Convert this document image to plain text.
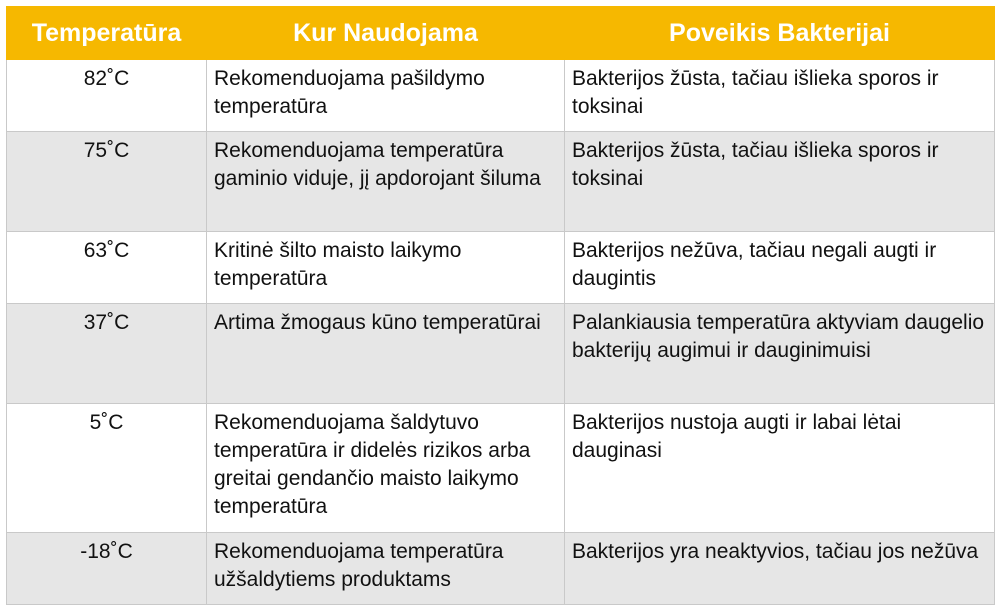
Temperatūra	Kur Naudojama	Poveikis Bakterijai
82˚C	Rekomenduojama pašildymo temperatūra	Bakterijos žūsta, tačiau išlieka sporos ir toksinai
75˚C	Rekomenduojama temperatūra gaminio viduje, jį apdorojant šiluma	Bakterijos žūsta, tačiau išlieka sporos ir toksinai
63˚C	Kritinė šilto maisto laikymo temperatūra	Bakterijos nežūva, tačiau negali augti ir daugintis
37˚C	Artima žmogaus kūno temperatūrai	Palankiausia temperatūra aktyviam daugelio bakterijų augimui ir dauginimuisi
5˚C	Rekomenduojama šaldytuvo temperatūra ir didelės rizikos arba greitai gendančio maisto laikymo temperatūra	Bakterijos nustoja augti ir labai lėtai dauginasi
-18˚C	Rekomenduojama temperatūra užšaldytiems produktams	Bakterijos yra neaktyvios, tačiau jos nežūva
